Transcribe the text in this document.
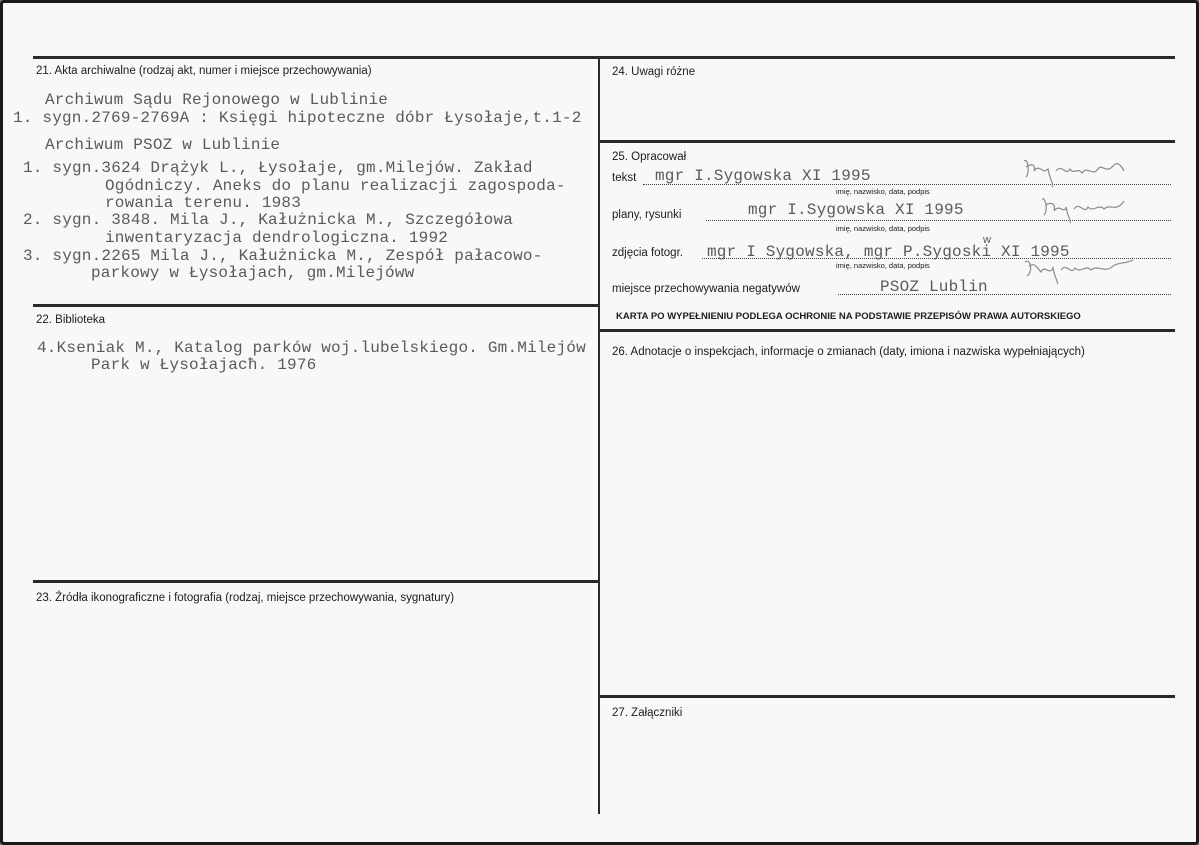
21. Akta archiwalne (rodzaj akt, numer i miejsce przechowywania)
Archiwum Sądu Rejonowego w Lublinie
1. sygn.2769-2769A : Księgi hipoteczne dóbr Łysołaje,t.1-2
Archiwum PSOZ w Lublinie
1. sygn.3624 Drążyk L., Łysołaje, gm.Milejów. Zakład
Ogódniczy. Aneks do planu realizacji zagospoda-
rowania terenu. 1983
2. sygn. 3848. Mila J., Kałużnicka M., Szczegółowa
inwentaryzacja dendrologiczna. 1992
3. sygn.2265 Mila J., Kałużnicka M., Zespół pałacowo-
parkowy w Łysołajach, gm.Milejóww
22. Biblioteka
4.Kseniak M., Katalog parków woj.lubelskiego. Gm.Milejów
Park w Łysołajacħ. 1976
23. Źródła ikonograficzne i fotografia (rodzaj, miejsce przechowywania, sygnatury)
24. Uwagi różne
25. Opracował
tekst mgr I.Sygowska XI 1995
imię, nazwisko, data, podpis
plany, rysunki	mgr I.Sygowska XI 1995
imię, nazwisko, data, podpis
zdjęcia fotogr. mgr I Sygowska, mgr P.Sygoski XI 1995
w
imię, nazwisko, data, podpis
miejsce przechowywania negatywów	PSOZ Lublin
KARTA PO WYPEŁNIENIU PODLEGA OCHRONIE NA PODSTAWIE PRZEPISÓW PRAWA AUTORSKIEGO
26. Adnotacje o inspekcjach, informacje o zmianach (daty, imiona i nazwiska wypełniających)
27. Załączniki
